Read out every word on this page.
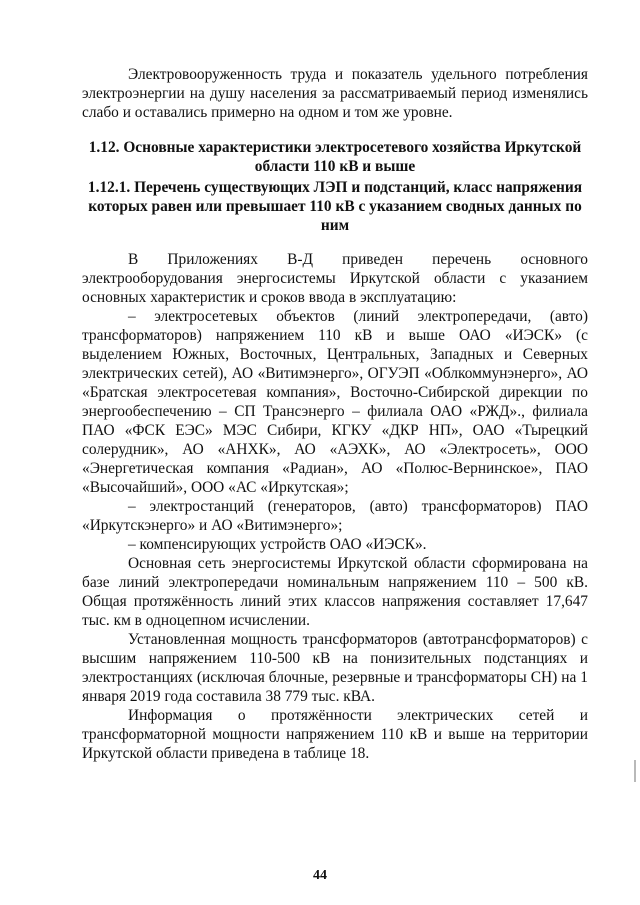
Электровооруженность труда и показатель удельного потребления электроэнергии на душу населения за рассматриваемый период изменялись слабо и оставались примерно на одном и том же уровне.

1.12. Основные характеристики электросетевого хозяйства Иркутской области 110 кВ и выше
1.12.1. Перечень существующих ЛЭП и подстанций, класс напряжения которых равен или превышает 110 кВ с указанием сводных данных по ним

В Приложениях В-Д приведен перечень основного электрооборудования энергосистемы Иркутской области с указанием основных характеристик и сроков ввода в эксплуатацию:

– электросетевых объектов (линий электропередачи, (авто) трансформаторов) напряжением 110 кВ и выше ОАО «ИЭСК» (с выделением Южных, Восточных, Центральных, Западных и Северных электрических сетей), АО «Витимэнерго», ОГУЭП «Облкоммунэнерго», АО «Братская электросетевая компания», Восточно-Сибирской дирекции по энергообеспечению – СП Трансэнерго – филиала ОАО «РЖД»., филиала ПАО «ФСК ЕЭС» МЭС Сибири, КГКУ «ДКР НП», ОАО «Тырецкий солерудник», АО «АНХК», АО «АЭХК», АО «Электросеть», ООО «Энергетическая компания «Радиан», АО «Полюс-Вернинское», ПАО «Высочайший», ООО «АС «Иркутская»;

– электростанций (генераторов, (авто) трансформаторов) ПАО «Иркутскэнерго» и АО «Витимэнерго»;

– компенсирующих устройств ОАО «ИЭСК».

Основная сеть энергосистемы Иркутской области сформирована на базе линий электропередачи номинальным напряжением 110 – 500 кВ. Общая протяжённость линий этих классов напряжения составляет 17,647 тыс. км в одноцепном исчислении.

Установленная мощность трансформаторов (автотрансформаторов) с высшим напряжением 110-500 кВ на понизительных подстанциях и электростанциях (исключая блочные, резервные и трансформаторы СН) на 1 января 2019 года составила 38 779 тыс. кВА.

Информация о протяжённости электрических сетей и трансформаторной мощности напряжением 110 кВ и выше на территории Иркутской области приведена в таблице 18.

44
